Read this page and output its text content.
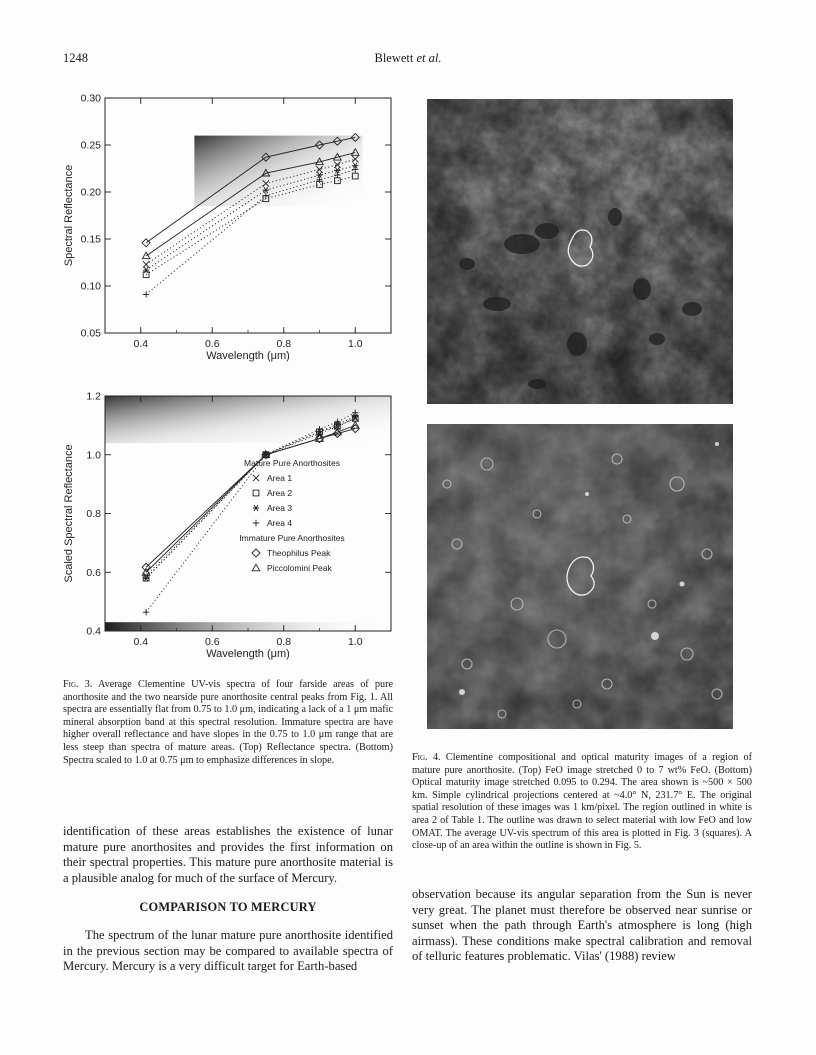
1248	Blewett et al.
0.4	0.6	0.8	1.0
0.05
0.10
0.15
0.20
0.25
0.30
Wavelength (μm)
Spectral Reflectance
0.4	0.6	0.8	1.0
0.4
0.6
0.8
1.0
1.2
Wavelength (μm)
Scaled Spectral Reflectance	Mature Pure Anorthosites
Area 1
Area 2
Area 3
Area 4
Immature Pure Anorthosites
Theophilus Peak
Piccolomini Peak
Fig. 3. Average Clementine UV-vis spectra of four farside areas of pure anorthosite and the two nearside pure anorthosite central peaks from Fig. 1. All spectra are essentially flat from 0.75 to 1.0 μm, indicating a lack of a 1 μm mafic mineral absorption band at this spectral resolution. Immature spectra are have higher overall reflectance and have slopes in the 0.75 to 1.0 μm range that are less steep than spectra of mature areas. (Top) Reflectance spectra. (Bottom) Spectra scaled to 1.0 at 0.75 μm to emphasize differences in slope.	Fig. 4. Clementine compositional and optical maturity images of a region of mature pure anorthosite. (Top) FeO image stretched 0 to 7 wt% FeO. (Bottom) Optical maturity image stretched 0.095 to 0.294. The area shown is ~500 × 500 km. Simple cylindrical projections centered at ~4.0° N, 231.7° E. The original spatial resolution of these images was 1 km/pixel. The region outlined in white is area 2 of Table 1. The outline was drawn to select material with low FeO and low OMAT. The average UV-vis spectrum of this area is plotted in Fig. 3 (squares). A close-up of an area within the outline is shown in Fig. 5.

identification of these areas establishes the existence of lunar mature pure anorthosites and provides the first information on their spectral properties. This mature pure anorthosite material is a plausible analog for much of the surface of Mercury.

COMPARISON TO MERCURY

The spectrum of the lunar mature pure anorthosite identified in the previous section may be compared to available spectra of Mercury. Mercury is a very difficult target for Earth-based

observation because its angular separation from the Sun is never very great. The planet must therefore be observed near sunrise or sunset when the path through Earth's atmosphere is long (high airmass). These conditions make spectral calibration and removal of telluric features problematic. Vilas' (1988) review
